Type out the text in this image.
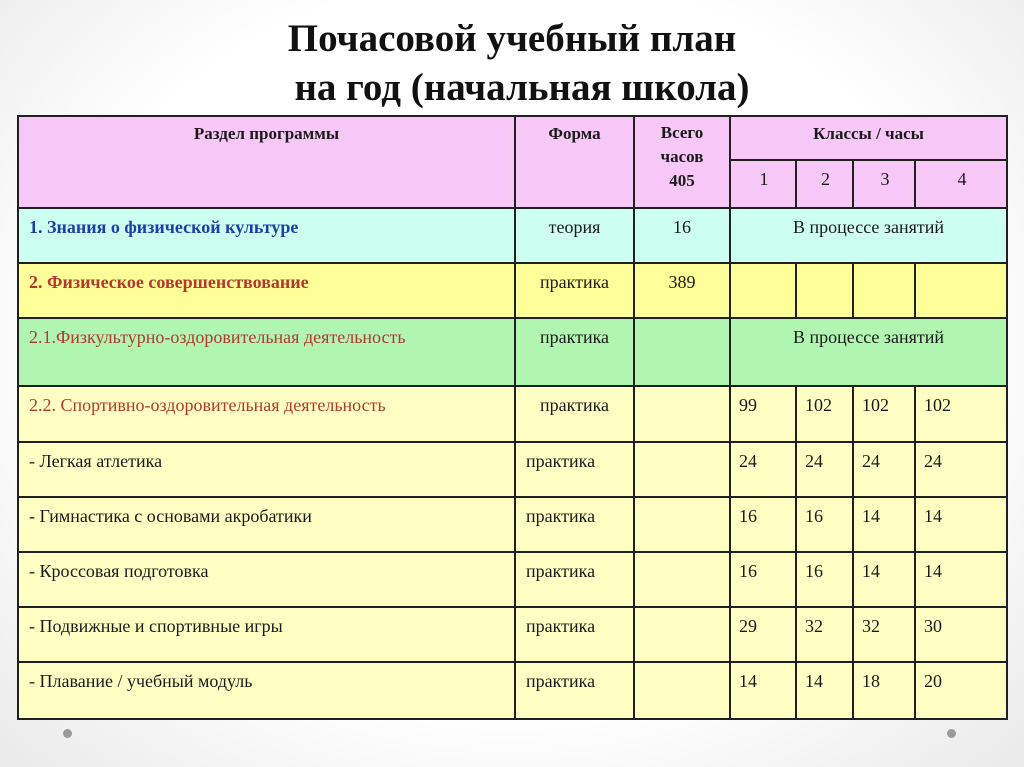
Почасовой учебный план
на год (начальная школа)
Раздел программы	Форма	Всего
часов
405	Классы / часы			
			1	2	3	4
1. Знания о физической культуре	теория	16	В процессе занятий			
2. Физическое совершенствование	практика	389				
2.1.Физкультурно-оздоровительная деятельность	практика		В процессе занятий			
2.2. Спортивно-оздоровительная деятельность	практика		99	102	102	102
- Легкая атлетика	практика		24	24	24	24
- Гимнастика с основами акробатики	практика		16	16	14	14
- Кроссовая подготовка	практика		16	16	14	14
- Подвижные и спортивные игры	практика		29	32	32	30
- Плавание / учебный модуль	практика		14	14	18	20
